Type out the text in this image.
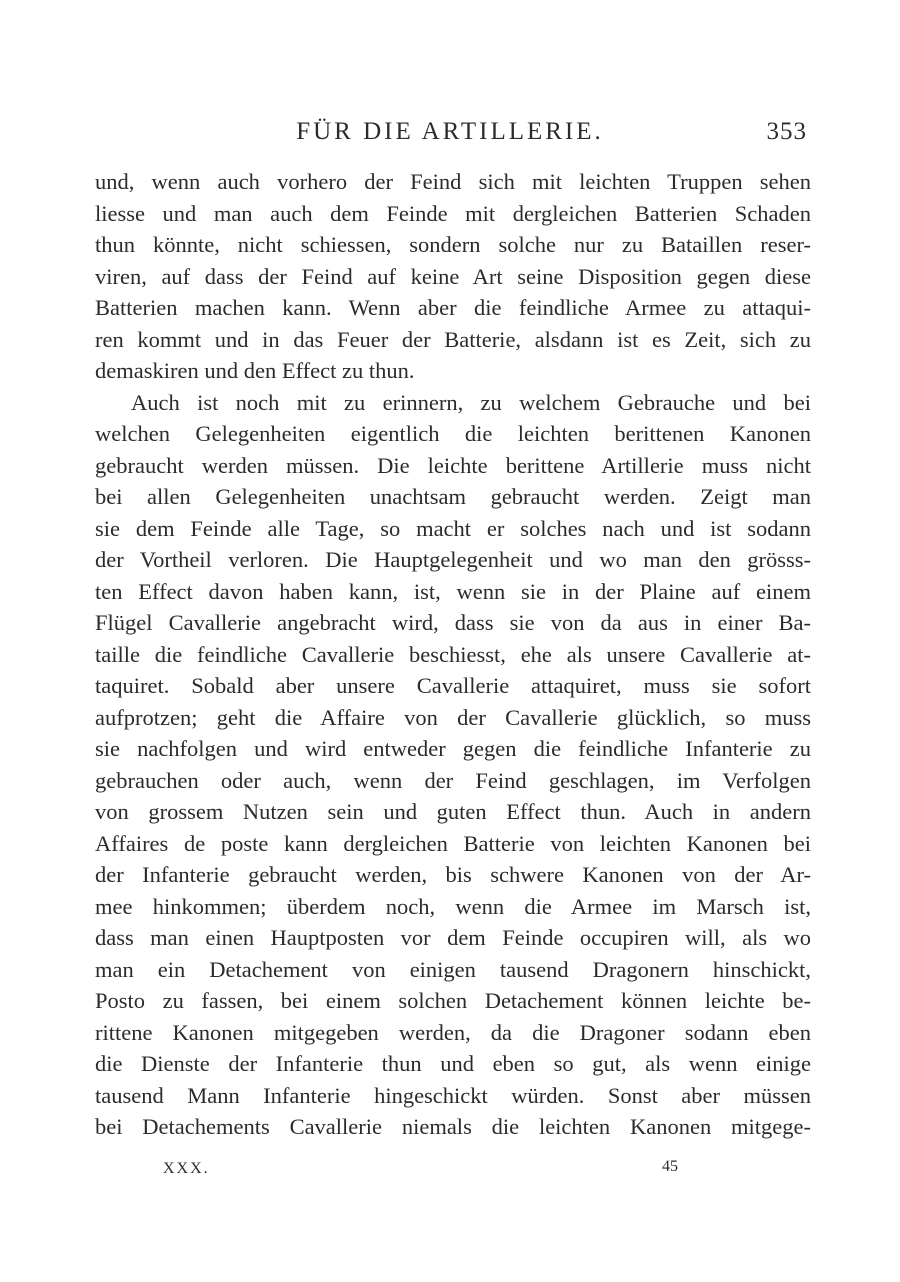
FÜR DIE ARTILLERIE.	353
und, wenn auch vorhero der Feind sich mit leichten Truppen sehen
liesse und man auch dem Feinde mit dergleichen Batterien Schaden
thun könnte, nicht schiessen, sondern solche nur zu Bataillen reser-
viren, auf dass der Feind auf keine Art seine Disposition gegen diese
Batterien machen kann. Wenn aber die feindliche Armee zu attaqui-
ren kommt und in das Feuer der Batterie, alsdann ist es Zeit, sich zu
demaskiren und den Effect zu thun.
Auch ist noch mit zu erinnern, zu welchem Gebrauche und bei
welchen Gelegenheiten eigentlich die leichten berittenen Kanonen
gebraucht werden müssen. Die leichte berittene Artillerie muss nicht
bei allen Gelegenheiten unachtsam gebraucht werden. Zeigt man
sie dem Feinde alle Tage, so macht er solches nach und ist sodann
der Vortheil verloren. Die Hauptgelegenheit und wo man den grösss-
ten Effect davon haben kann, ist, wenn sie in der Plaine auf einem
Flügel Cavallerie angebracht wird, dass sie von da aus in einer Ba-
taille die feindliche Cavallerie beschiesst, ehe als unsere Cavallerie at-
taquiret. Sobald aber unsere Cavallerie attaquiret, muss sie sofort
aufprotzen; geht die Affaire von der Cavallerie glücklich, so muss
sie nachfolgen und wird entweder gegen die feindliche Infanterie zu
gebrauchen oder auch, wenn der Feind geschlagen, im Verfolgen
von grossem Nutzen sein und guten Effect thun. Auch in andern
Affaires de poste kann dergleichen Batterie von leichten Kanonen bei
der Infanterie gebraucht werden, bis schwere Kanonen von der Ar-
mee hinkommen; überdem noch, wenn die Armee im Marsch ist,
dass man einen Hauptposten vor dem Feinde occupiren will, als wo
man ein Detachement von einigen tausend Dragonern hinschickt,
Posto zu fassen, bei einem solchen Detachement können leichte be-
rittene Kanonen mitgegeben werden, da die Dragoner sodann eben
die Dienste der Infanterie thun und eben so gut, als wenn einige
tausend Mann Infanterie hingeschickt würden. Sonst aber müssen
bei Detachements Cavallerie niemals die leichten Kanonen mitgege-
XXX.	45
